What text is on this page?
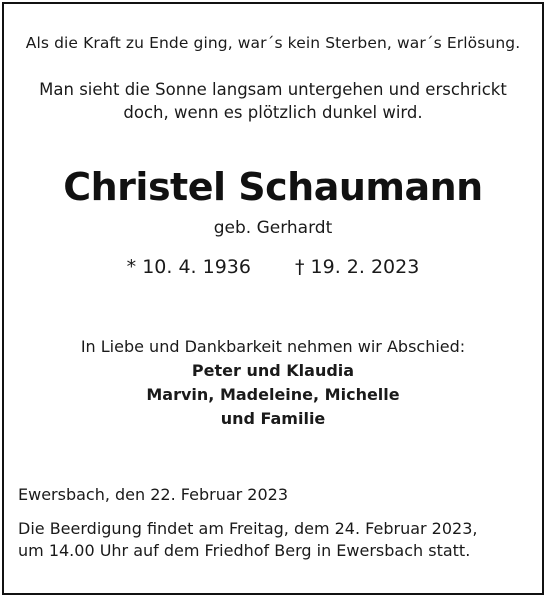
Als die Kraft zu Ende ging, war´s kein Sterben, war´s Erlösung.

Man sieht die Sonne langsam untergehen und erschrickt
doch, wenn es plötzlich dunkel wird.
Christel Schaumann

geb. Gerhardt

* 10. 4. 1936 † 19. 2. 2023

In Liebe und Dankbarkeit nehmen wir Abschied:

Peter und Klaudia
Marvin, Madeleine, Michelle
und Familie

Ewersbach, den 22. Februar 2023

Die Beerdigung findet am Freitag, dem 24. Februar 2023,
um 14.00 Uhr auf dem Friedhof Berg in Ewersbach statt.
